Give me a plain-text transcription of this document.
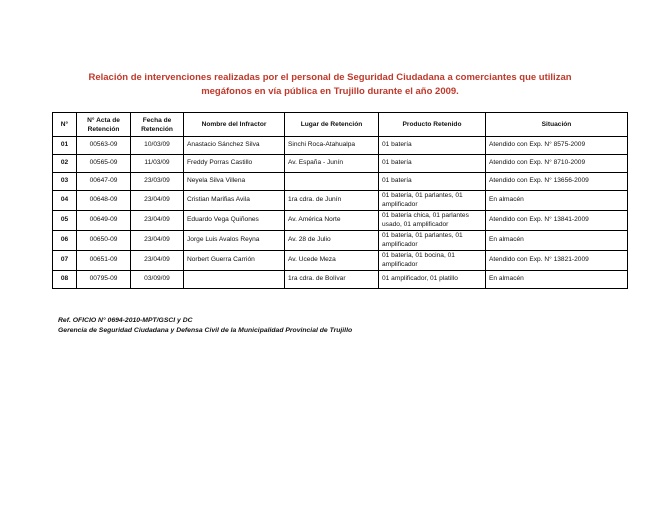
Relación de intervenciones realizadas por el personal de Seguridad Ciudadana a comerciantes que utilizan
megáfonos en vía pública en Trujillo durante el año 2009.
N°	N° Acta de Retención	Fecha de Retención	Nombre del Infractor	Lugar de Retención	Producto Retenido	Situación
01	00563-09	10/03/09	Anastacio Sánchez Silva	Sinchi Roca-Atahualpa	01 batería	Atendido con Exp. N° 8575-2009
02	00565-09	11/03/09	Freddy Porras Castillo	Av. España - Junín	01 batería	Atendido con Exp. N° 8710-2009
03	00647-09	23/03/09	Neyela Silva Villena		01 batería	Atendido con Exp. N° 13656-2009
04	00648-09	23/04/09	Cristian Marifias Avila	1ra cdra. de Junín	01 batería, 01 parlantes, 01 amplificador	En almacén
05	00649-09	23/04/09	Eduardo Vega Quiñones	Av. América Norte	01 batería chica, 01 parlantes usado, 01 amplificador	Atendido con Exp. N° 13841-2009
06	00650-09	23/04/09	Jorge Luis Avalos Reyna	Av. 28 de Julio	01 batería, 01 parlantes, 01 amplificador	En almacén
07	00651-09	23/04/09	Norbert Guerra Carrión	Av. Ucede Meza	01 batería, 01 bocina, 01 amplificador	Atendido con Exp. N° 13821-2009
08	00795-09	03/09/09		1ra cdra. de Bolívar	01 amplificador, 01 platillo	En almacén
Ref. OFICIO N° 0694-2010-MPT/GSCI y DC
Gerencia de Seguridad Ciudadana y Defensa Civil de la Municipalidad Provincial de Trujillo
